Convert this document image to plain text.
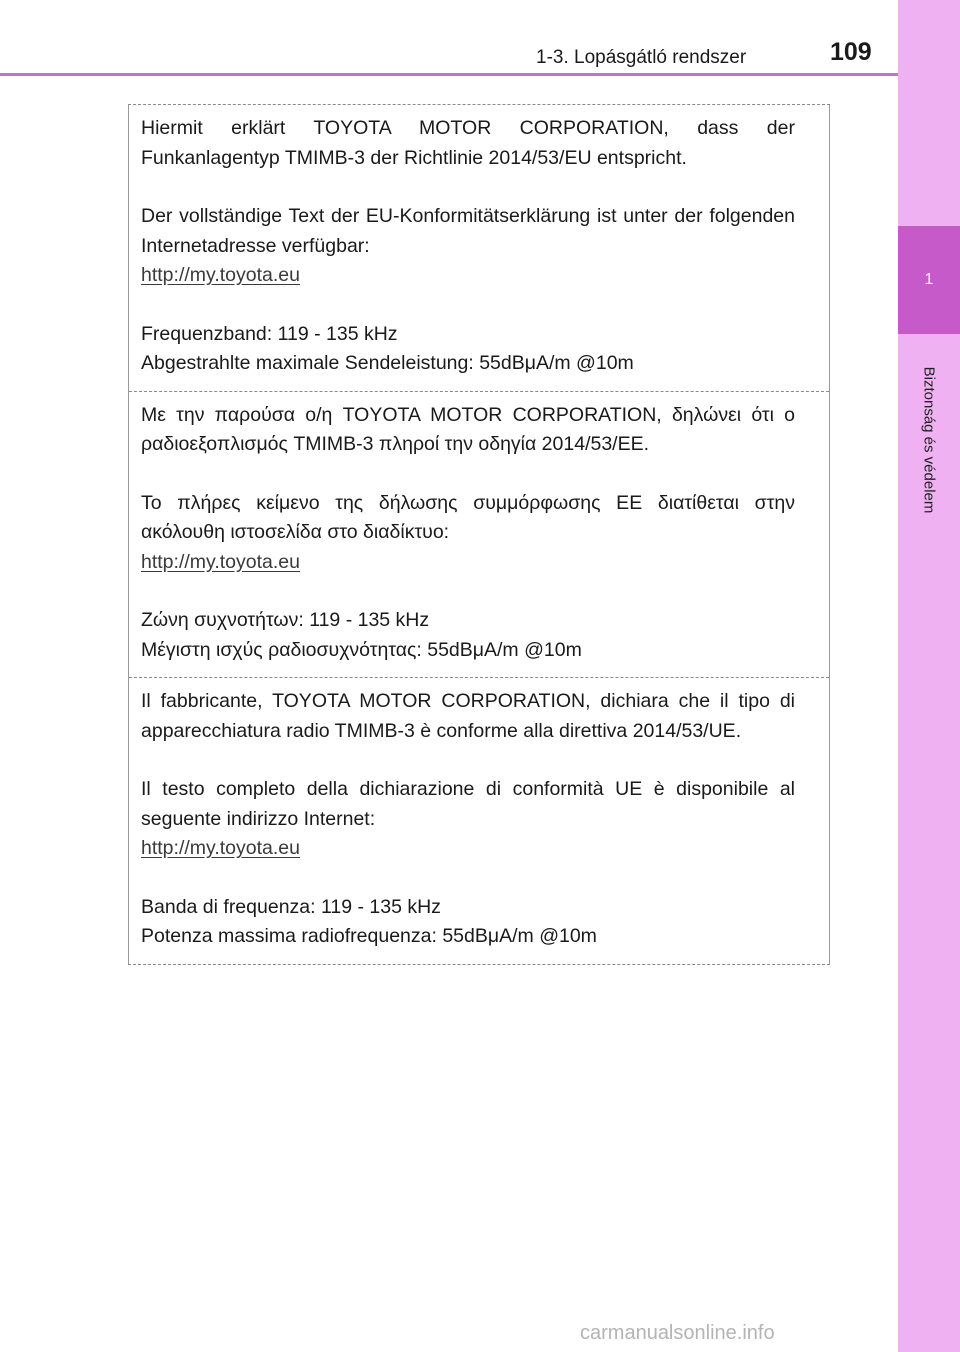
1
Biztonság és védelem
1-3. Lopásgátló rendszer	109

Hiermit erklärt TOYOTA MOTOR CORPORATION, dass der Funkanlagentyp TMIMB-3 der Richtlinie 2014/53/EU entspricht.

Der vollständige Text der EU-Konformitätserklärung ist unter der folgenden Internetadresse verfügbar:
http://my.toyota.eu

Frequenzband: 119 - 135 kHz
Abgestrahlte maximale Sendeleistung: 55dBμA/m @10m

Με την παρούσα ο/η TOYOTA MOTOR CORPORATION, δηλώνει ότι ο ραδιοεξοπλισμός TMIMB-3 πληροί την οδηγία 2014/53/ΕΕ.

Το πλήρες κείμενο της δήλωσης συμμόρφωσης ΕΕ διατίθεται στην ακόλουθη ιστοσελίδα στο διαδίκτυο:
http://my.toyota.eu

Ζώνη συχνοτήτων: 119 - 135 kHz
Μέγιστη ισχύς ραδιοσυχνότητας: 55dBμA/m @10m

Il fabbricante, TOYOTA MOTOR CORPORATION, dichiara che il tipo di apparecchiatura radio TMIMB-3 è conforme alla direttiva 2014/53/UE.

Il testo completo della dichiarazione di conformità UE è disponibile al seguente indirizzo Internet:
http://my.toyota.eu

Banda di frequenza: 119 - 135 kHz
Potenza massima radiofrequenza: 55dBμA/m @10m

carmanualsonline.info
